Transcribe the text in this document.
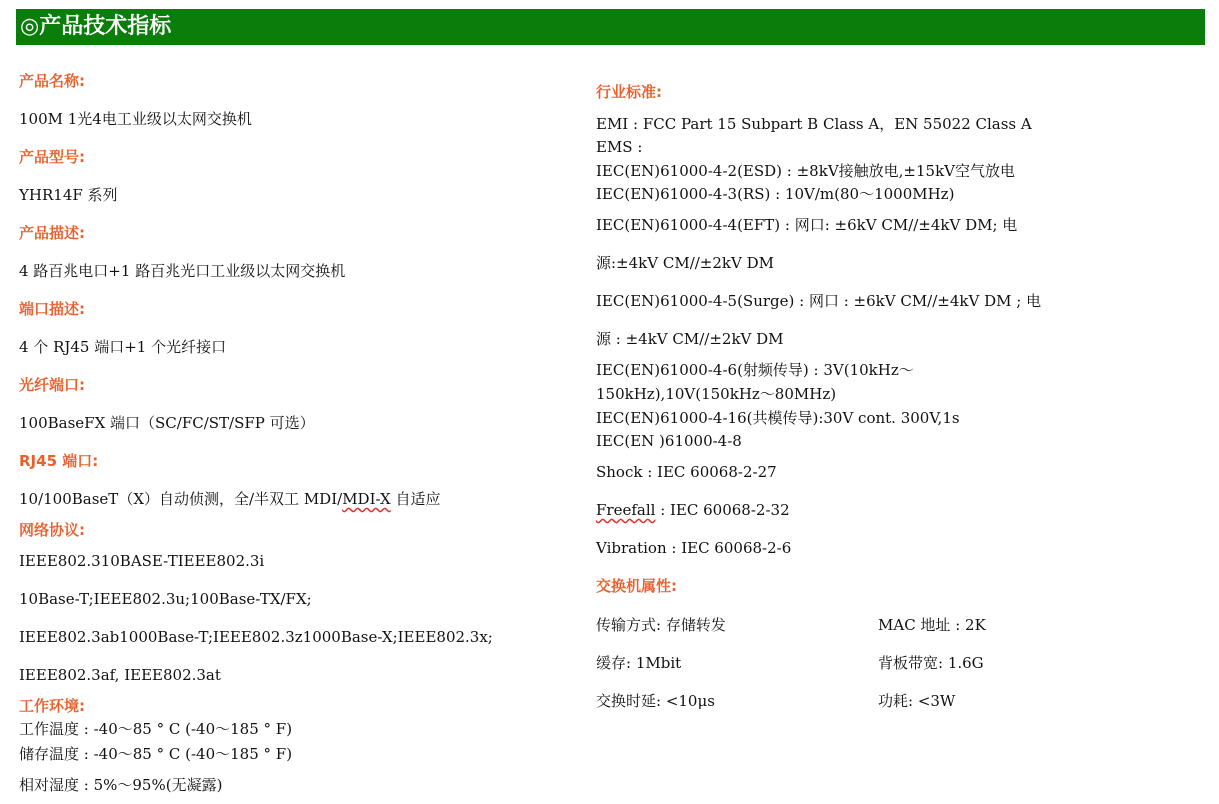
◎产品技术指标
产品名称:
100M 1光4电工业级以太网交换机
产品型号:
YHR14F 系列
产品描述:
4 路百兆电口+1 路百兆光口工业级以太网交换机
端口描述:
4 个 RJ45 端口+1 个光纤接口
光纤端口:
100BaseFX 端口（SC/FC/ST/SFP 可选）
RJ45 端口:
10/100BaseT（X）自动侦测，全/半双工 MDI/MDI-X 自适应
网络协议:
IEEE802.310BASE-TIEEE802.3i
10Base-T;IEEE802.3u;100Base-TX/FX;
IEEE802.3ab1000Base-T;IEEE802.3z1000Base-X;IEEE802.3x;
IEEE802.3af, IEEE802.3at
工作环境:
工作温度 : -40～85 ° C (-40～185 ° F)
储存温度 : -40～85 ° C (-40～185 ° F)
相对湿度 : 5%～95%(无凝露)
行业标准:
EMI : FCC Part 15 Subpart B Class A，EN 55022 Class A
EMS :
IEC(EN)61000-4-2(ESD) : ±8kV接触放电,±15kV空气放电
IEC(EN)61000-4-3(RS) : 10V/m(80～1000MHz)
IEC(EN)61000-4-4(EFT) : 网口: ±6kV CM//±4kV DM; 电
源:±4kV CM//±2kV DM
IEC(EN)61000-4-5(Surge) : 网口 : ±6kV CM//±4kV DM ; 电
源 : ±4kV CM//±2kV DM
IEC(EN)61000-4-6(射频传导) : 3V(10kHz～
150kHz),10V(150kHz～80MHz)
IEC(EN)61000-4-16(共模传导):30V cont. 300V,1s
IEC(EN )61000-4-8
Shock : IEC 60068-2-27
Freefall : IEC 60068-2-32
Vibration : IEC 60068-2-6
交换机属性:
传输方式: 存储转发	MAC 地址 : 2K
缓存: 1Mbit	背板带宽: 1.6G
交换时延: <10μs	功耗: <3W
